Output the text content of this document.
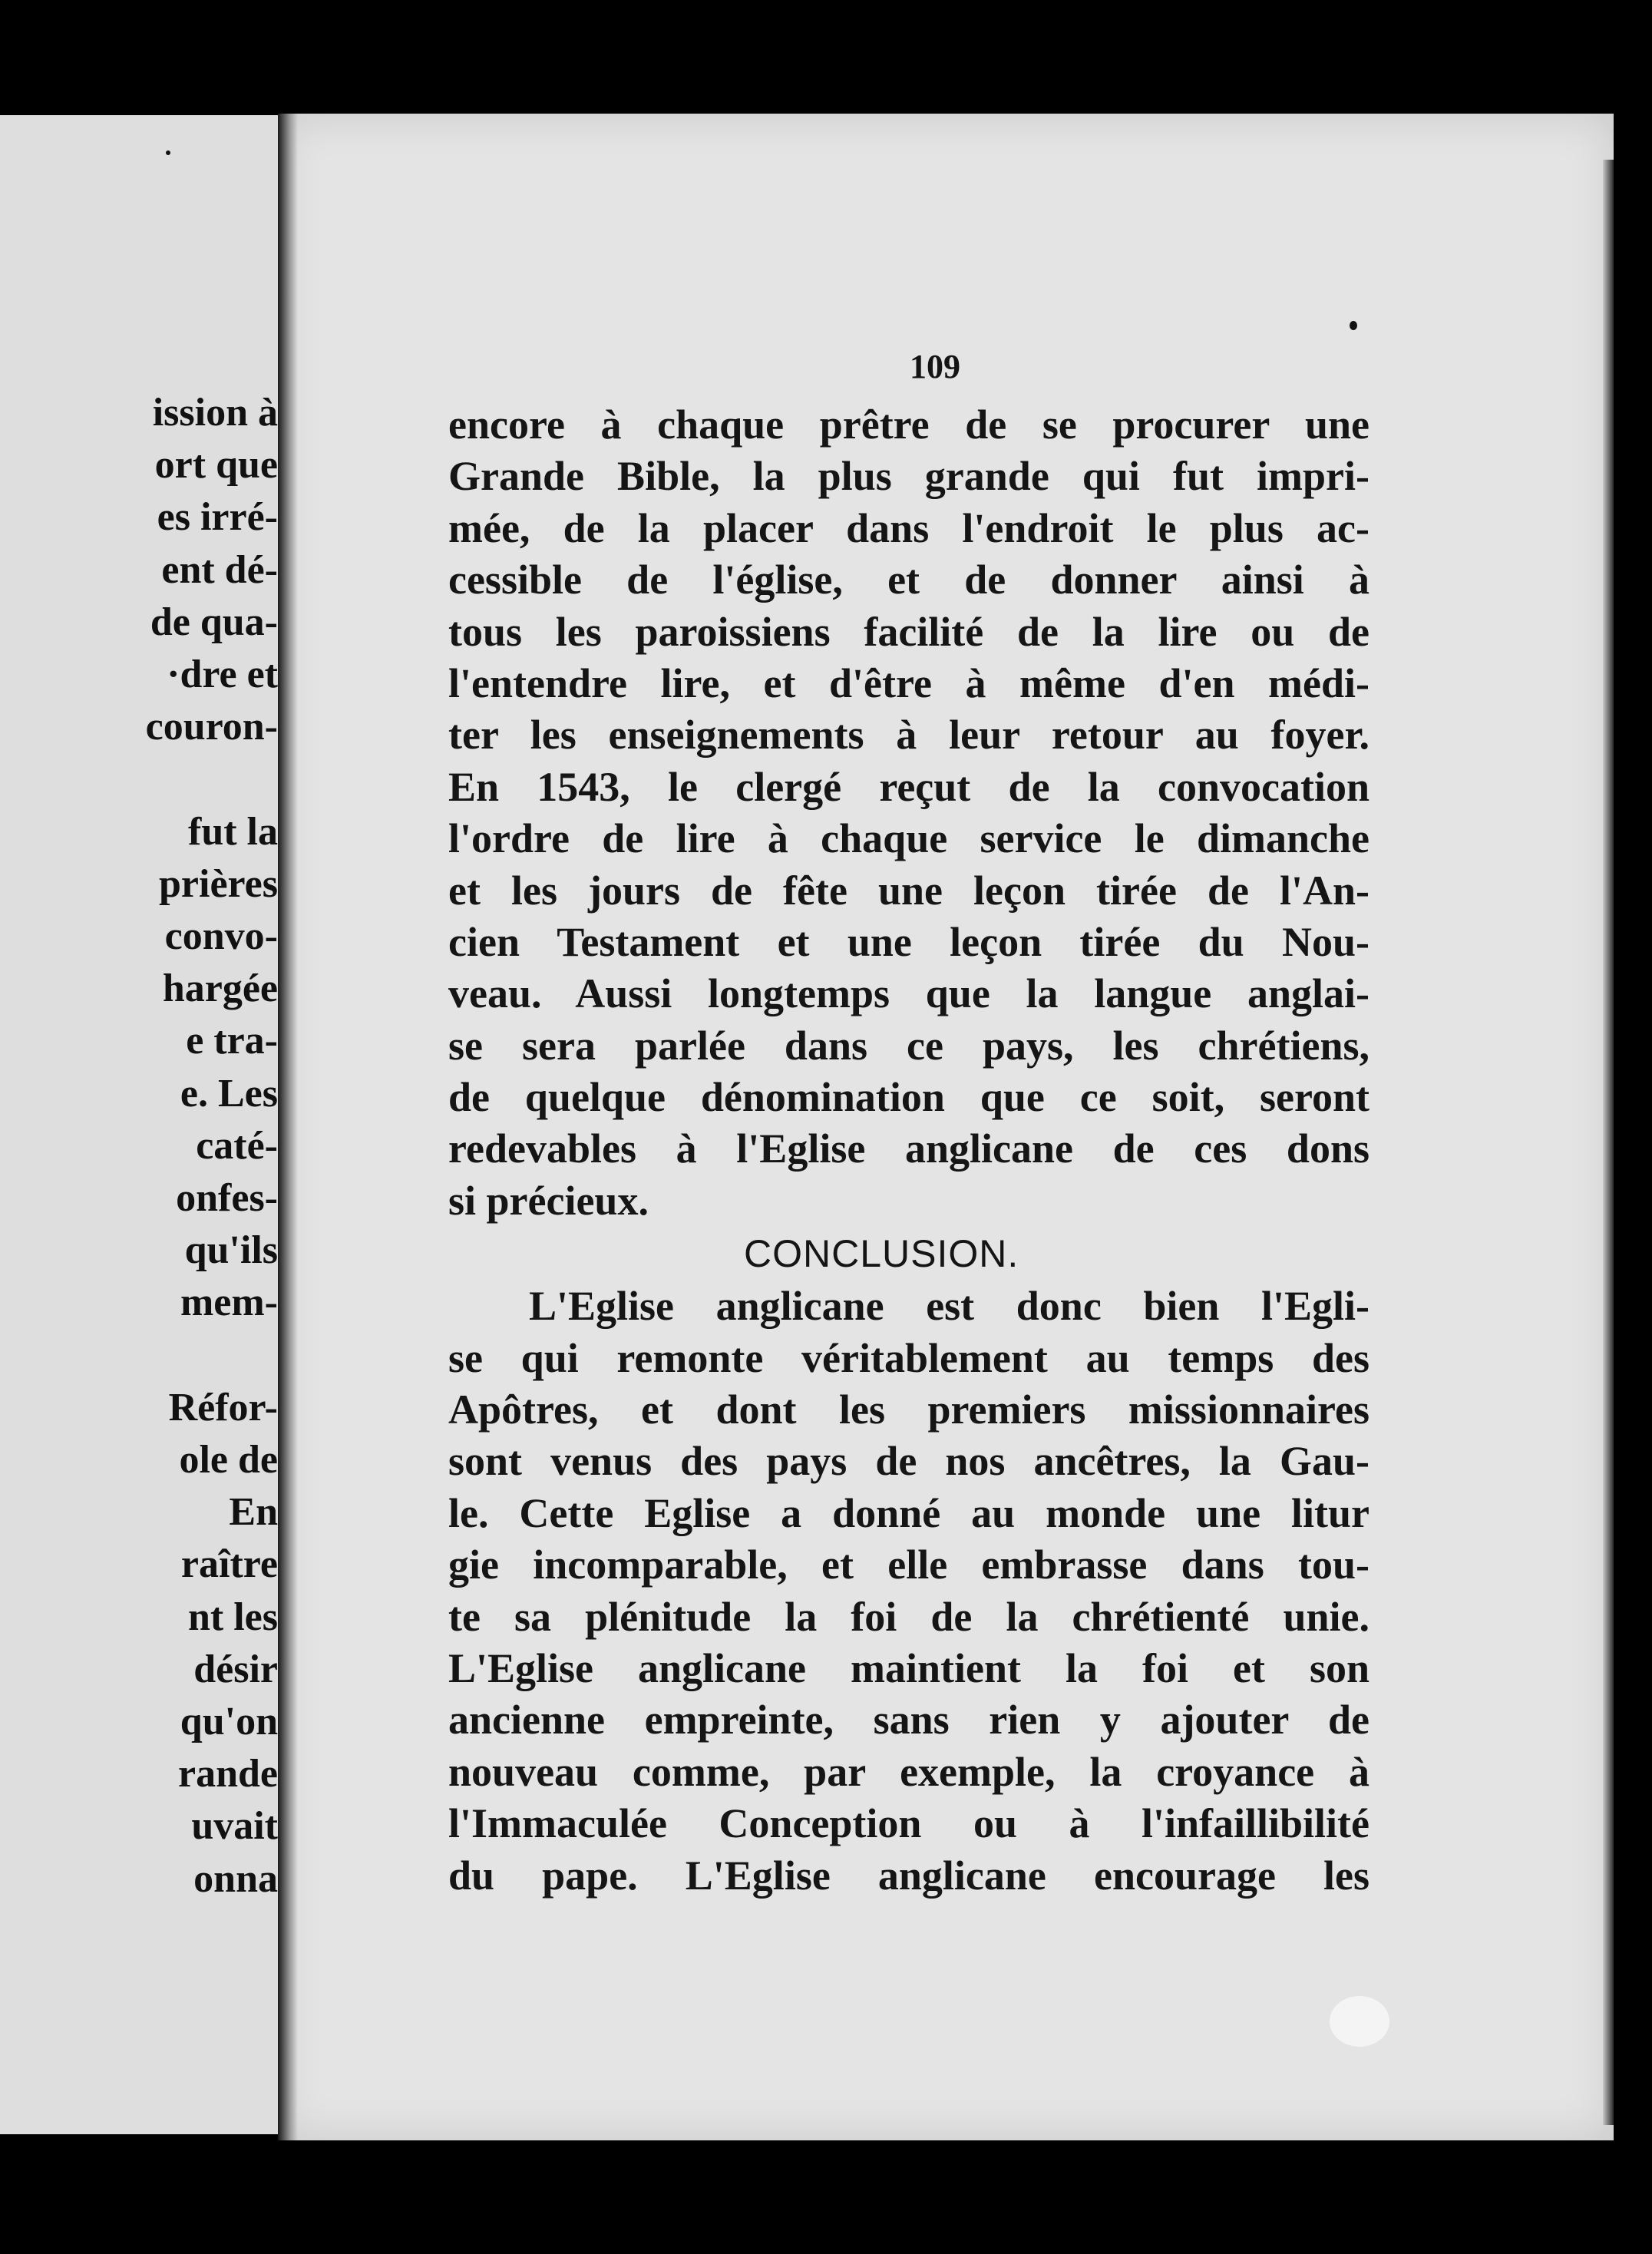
ission à
ort que
es irré-
ent dé-
de qua-
·dre et
couron-
fut la
prières
convo-
hargée
e tra-
e. Les
caté-
onfes-
qu'ils
mem-
Réfor-
ole de
En
raître
nt les
désir
qu'on
rande
uvait
onna
109
encore à chaque prêtre de se procurer une
Grande Bible, la plus grande qui fut impri-
mée, de la placer dans l'endroit le plus ac-
cessible de l'église, et de donner ainsi à
tous les paroissiens facilité de la lire ou de
l'entendre lire, et d'être à même d'en médi-
ter les enseignements à leur retour au foyer.
En 1543, le clergé reçut de la convocation
l'ordre de lire à chaque service le dimanche
et les jours de fête une leçon tirée de l'An-
cien Testament et une leçon tirée du Nou-
veau. Aussi longtemps que la langue anglai-
se sera parlée dans ce pays, les chrétiens,
de quelque dénomination que ce soit, seront
redevables à l'Eglise anglicane de ces dons
si précieux.
CONCLUSION.
L'Eglise anglicane est donc bien l'Egli-
se qui remonte véritablement au temps des
Apôtres, et dont les premiers missionnaires
sont venus des pays de nos ancêtres, la Gau-
le. Cette Eglise a donné au monde une litur
gie incomparable, et elle embrasse dans tou-
te sa plénitude la foi de la chrétienté unie.
L'Eglise anglicane maintient la foi et son
ancienne empreinte, sans rien y ajouter de
nouveau comme, par exemple, la croyance à
l'Immaculée Conception ou à l'infaillibilité
du pape. L'Eglise anglicane encourage les
